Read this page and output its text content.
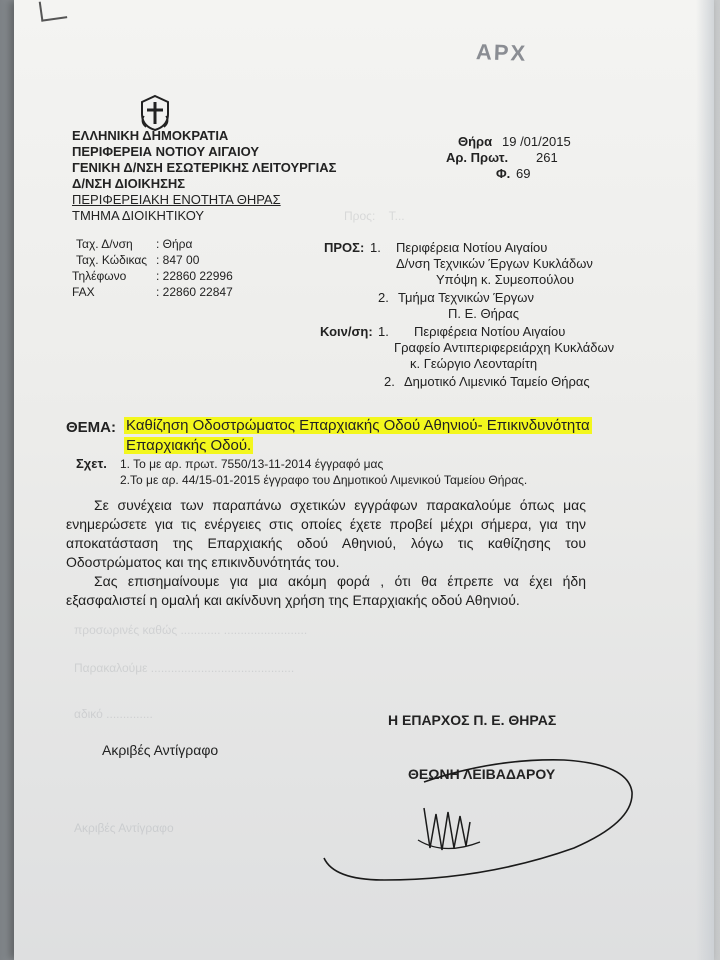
ΑΡΧ
ΕΛΛΗΝΙΚΗ ΔΗΜΟΚΡΑΤΙΑ
ΠΕΡΙΦΕΡΕΙΑ ΝΟΤΙΟΥ ΑΙΓΑΙΟΥ
ΓΕΝΙΚΗ Δ/ΝΣΗ ΕΣΩΤΕΡΙΚΗΣ ΛΕΙΤΟΥΡΓΙΑΣ
Δ/ΝΣΗ ΔΙΟΙΚΗΣΗΣ
ΠΕΡΙΦΕΡΕΙΑΚΗ ΕΝΟΤΗΤΑ ΘΗΡΑΣ
ΤΜΗΜΑ ΔΙΟΙΚΗΤΙΚΟΥ
Θήρα 19 /01/2015
Αρ. Πρωτ. 261
Φ. 69
Προς:    Τ...
Ταχ. Δ/νση : Θήρα
Ταχ. Κώδικας : 847 00
Τηλέφωνο : 22860 22996
FAX	: 22860 22847
ΠΡΟΣ: 1. Περιφέρεια Νοτίου Αιγαίου
Δ/νση Τεχνικών Έργων Κυκλάδων
Υπόψη κ. Συμεοπούλου
2. Τμήμα Τεχνικών Έργων
Π. Ε. Θήρας
Κοιν/ση: 1. Περιφέρεια Νοτίου Αιγαίου
Γραφείο Αντιπεριφερειάρχη Κυκλάδων
κ. Γεώργιο Λεονταρίτη
2. Δημοτικό Λιμενικό Ταμείο Θήρας
ΘΕΜΑ: Καθίζηση Οδοστρώματος Επαρχιακής Οδού Αθηνιού- Επικινδυνότητα
Επαρχιακής Οδού.
Σχετ. 1. Το με αρ. πρωτ. 7550/13-11-2014 έγγραφό μας
2.Το με αρ. 44/15-01-2015 έγγραφο του Δημοτικού Λιμενικού Ταμείου Θήρας.
Σε συνέχεια των παραπάνω σχετικών εγγράφων παρακαλούμε όπως μας ενημερώσετε για τις ενέργειες στις οποίες έχετε προβεί μέχρι σήμερα, για την αποκατάσταση της Επαρχιακής οδού Αθηνιού, λόγω τις καθίζησης του Οδοστρώματος και της επικινδυνότητάς του.
Σας επισημαίνουμε για μια ακόμη φορά , ότι θα έπρεπε να έχει ήδη εξασφαλιστεί η ομαλή και ακίνδυνη χρήση της Επαρχιακής οδού Αθηνιού.
προσωρινές καθώς ............ .........................
Παρακαλούμε ...........................................
αδικό ..............
Ακριβές Αντίγραφο
Ακριβές Αντίγραφο
Η ΕΠΑΡΧΟΣ Π. Ε. ΘΗΡΑΣ
ΘΕΩΝΗ ΛΕΙΒΑΔΑΡΟΥ
